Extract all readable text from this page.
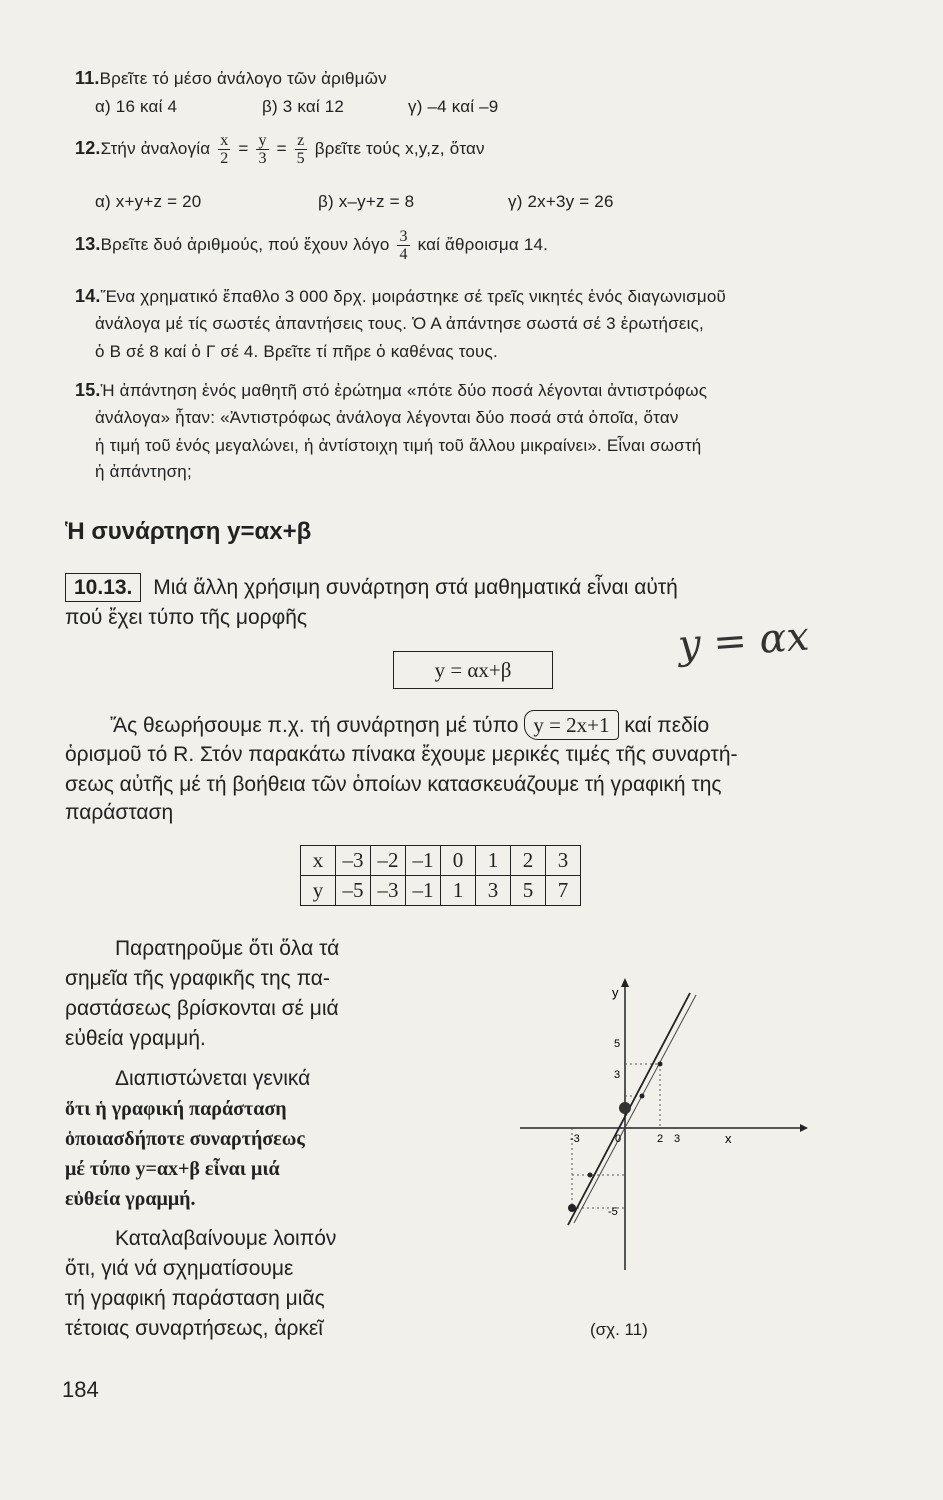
11.Βρεῖτε τό μέσο ἀνάλογο τῶν ἀριθμῶν
α) 16 καί 4	β) 3 καί 12	γ) –4 καί –9
12.Στήν ἀναλογία $\frac{x}{2} = \frac{y}{3} = \frac{z}{5}$ βρεῖτε τούς x,y,z, ὅταν
α) x+y+z = 20	β) x–y+z = 8	γ) 2x+3y = 26
13.Βρεῖτε δυό ἀριθμούς, πού ἔχουν λόγο $\frac{3}{4}$ καί ἄθροισμα 14.
14.Ἕνα χρηματικό ἔπαθλο 3 000 δρχ. μοιράστηκε σέ τρεῖς νικητές ἑνός διαγωνισμοῦ
ἀνάλογα μέ τίς σωστές ἀπαντήσεις τους. Ὁ Α ἀπάντησε σωστά σέ 3 ἐρωτήσεις,
ὁ Β σέ 8 καί ὁ Γ σέ 4. Βρεῖτε τί πῆρε ὁ καθένας τους.
15.Ἡ ἀπάντηση ἑνός μαθητῆ στό ἐρώτημα «πότε δύο ποσά λέγονται ἀντιστρόφως
ἀνάλογα» ἦταν: «Ἀντιστρόφως ἀνάλογα λέγονται δύο ποσά στά ὁποῖα, ὅταν
ἡ τιμή τοῦ ἑνός μεγαλώνει, ἡ ἀντίστοιχη τιμή τοῦ ἄλλου μικραίνει». Εἶναι σωστή
ἡ ἀπάντηση;
Ἡ συνάρτηση y=αx+β
10.13. Μιά ἄλλη χρήσιμη συνάρτηση στά μαθηματικά εἶναι αὐτή
πού ἔχει τύπο τῆς μορφῆς
y = αx+β
y = αx
Ἄς θεωρήσουμε π.χ. τή συνάρτηση μέ τύπο y = 2x+1 καί πεδίο
ὁρισμοῦ τό R. Στόν παρακάτω πίνακα ἔχουμε μερικές τιμές τῆς συναρτή-
σεως αὐτῆς μέ τή βοήθεια τῶν ὁποίων κατασκευάζουμε τή γραφική της
παράσταση
x	–3	–2	–1	0	1	2	3
y	–5	–3	–1	1	3	5	7
Παρατηροῦμε ὅτι ὅλα τά
σημεῖα τῆς γραφικῆς της πα-
ραστάσεως βρίσκονται σέ μιά
εὐθεία γραμμή.
Διαπιστώνεται γενικά
ὅτι ἡ γραφική παράσταση
ὁποιασδήποτε συναρτήσεως
μέ τύπο y=αx+β εἶναι μιά
εὐθεία γραμμή.
Καταλαβαίνουμε λοιπόν
ὅτι, γιά νά σχηματίσουμε
τή γραφική παράσταση μιᾶς
τέτοιας συναρτήσεως, ἀρκεῖ
y
x
-3	0	2 3
5
3
-5
(σχ. 11)
184
